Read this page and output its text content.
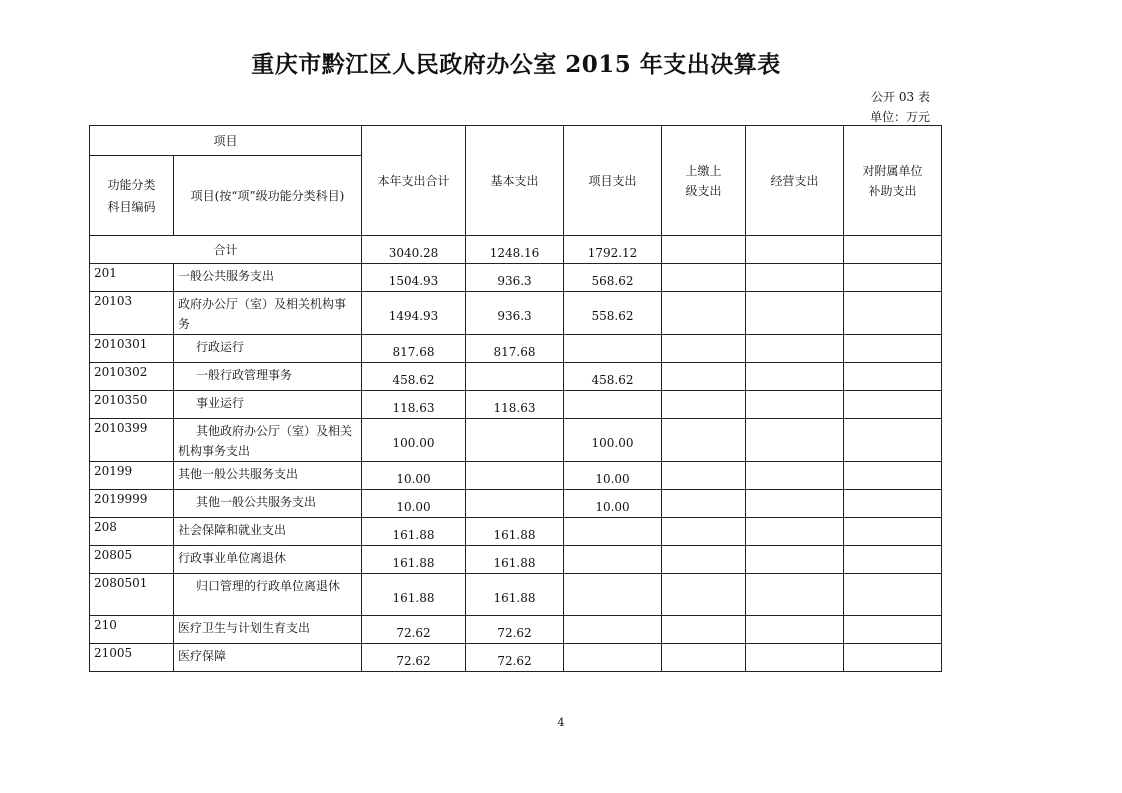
重庆市黔江区人民政府办公室 2015 年支出决算表
公开 03 表
单位：万元
项目		本年支出合计	基本支出	项目支出	上缴上级支出	经营支出	对附属单位补助支出

功能分类科目编码	项目(按“项”级功能分类科目)						

合计		3040.28	1248.16	1792.12			
201	一般公共服务支出	1504.93	936.3	568.62			
20103	政府办公厅（室）及相关机构事务	1494.93	936.3	558.62			
2010301	行政运行	817.68	817.68				
2010302	一般行政管理事务	458.62		458.62			
2010350	事业运行	118.63	118.63				
2010399	其他政府办公厅（室）及相关机构事务支出	100.00		100.00			
20199	其他一般公共服务支出	10.00		10.00			
2019999	其他一般公共服务支出	10.00		10.00			
208	社会保障和就业支出	161.88	161.88				
20805	行政事业单位离退休	161.88	161.88				
2080501	归口管理的行政单位离退休	161.88	161.88				
210	医疗卫生与计划生育支出	72.62	72.62				
21005	医疗保障	72.62	72.62				
4
